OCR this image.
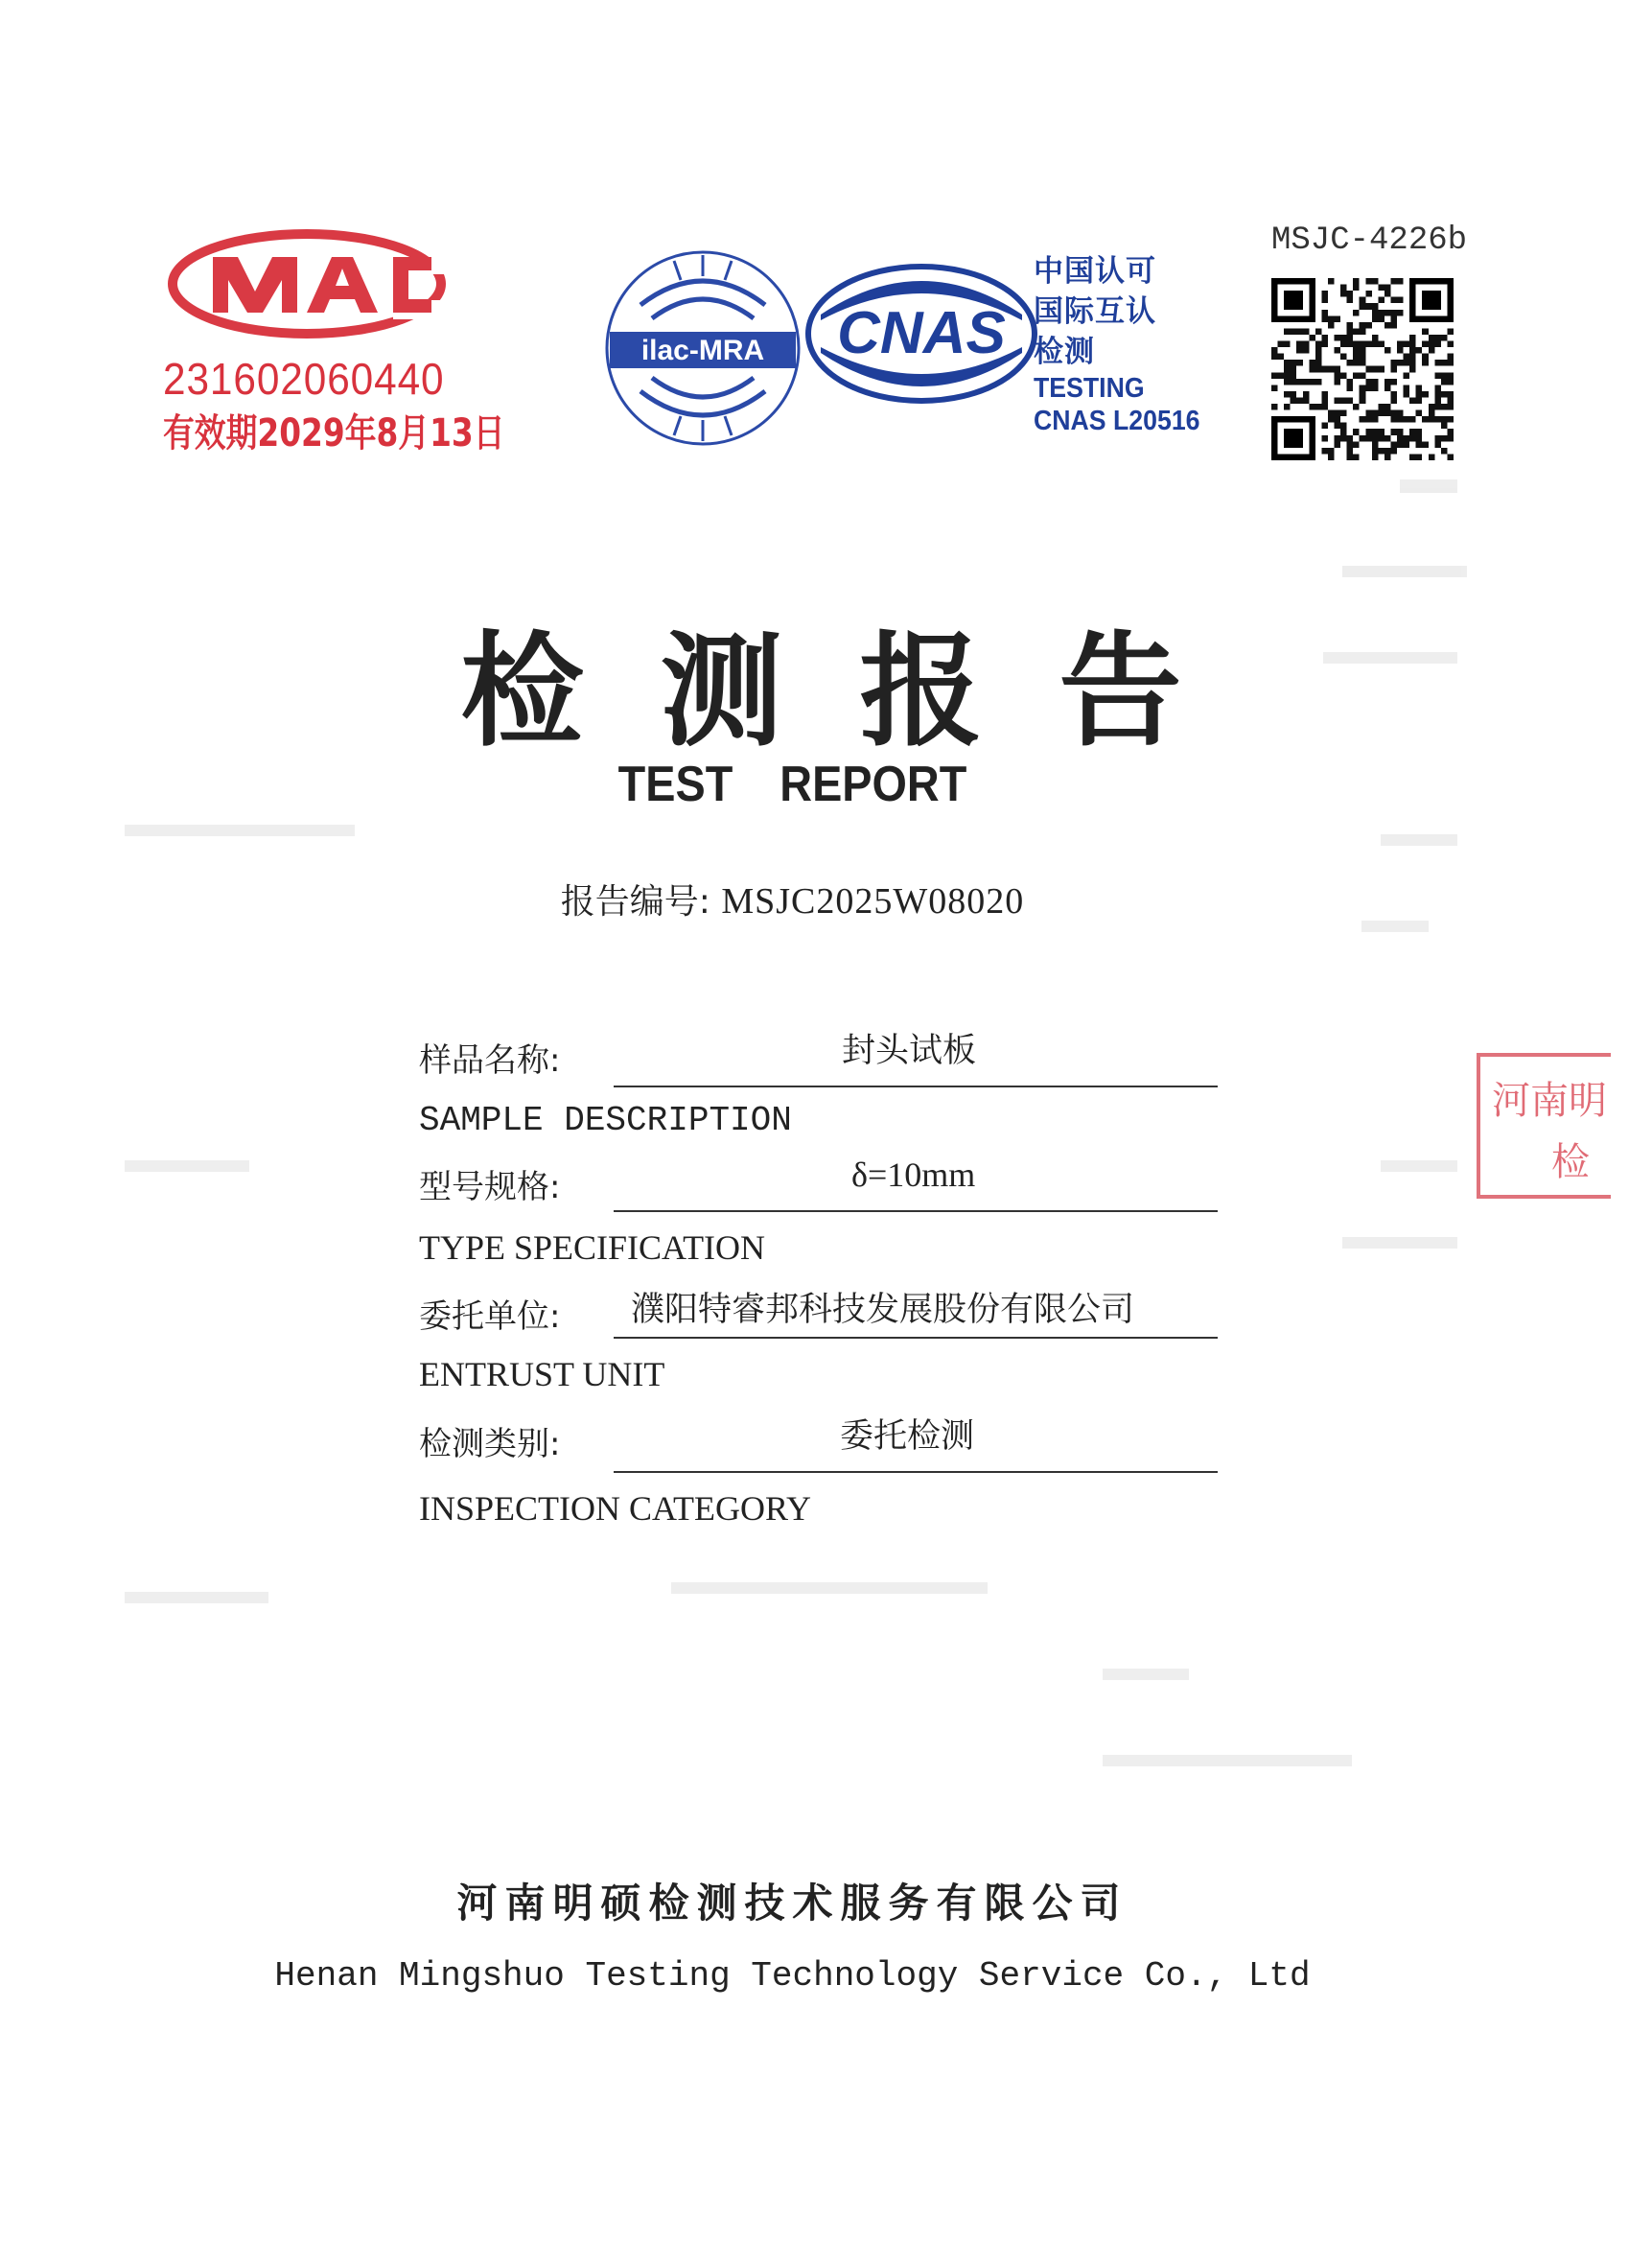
231602060440
有效期2029年8月13日
ilac-MRA CNAS
中国认可
国际互认
检测
TESTING
CNAS L20516
MSJC-4226b
检测报告
TEST REPORT
报告编号: MSJC2025W08020
样品名称:	封头试板
SAMPLE DESCRIPTION
型号规格:	δ=10mm
TYPE SPECIFICATION
委托单位: 濮阳特睿邦科技发展股份有限公司
ENTRUST UNIT
检测类别:	委托检测
INSPECTION CATEGORY
河南明硕检测技术服务有限公司
Henan Mingshuo Testing Technology Service Co., Ltd
河南明
检
